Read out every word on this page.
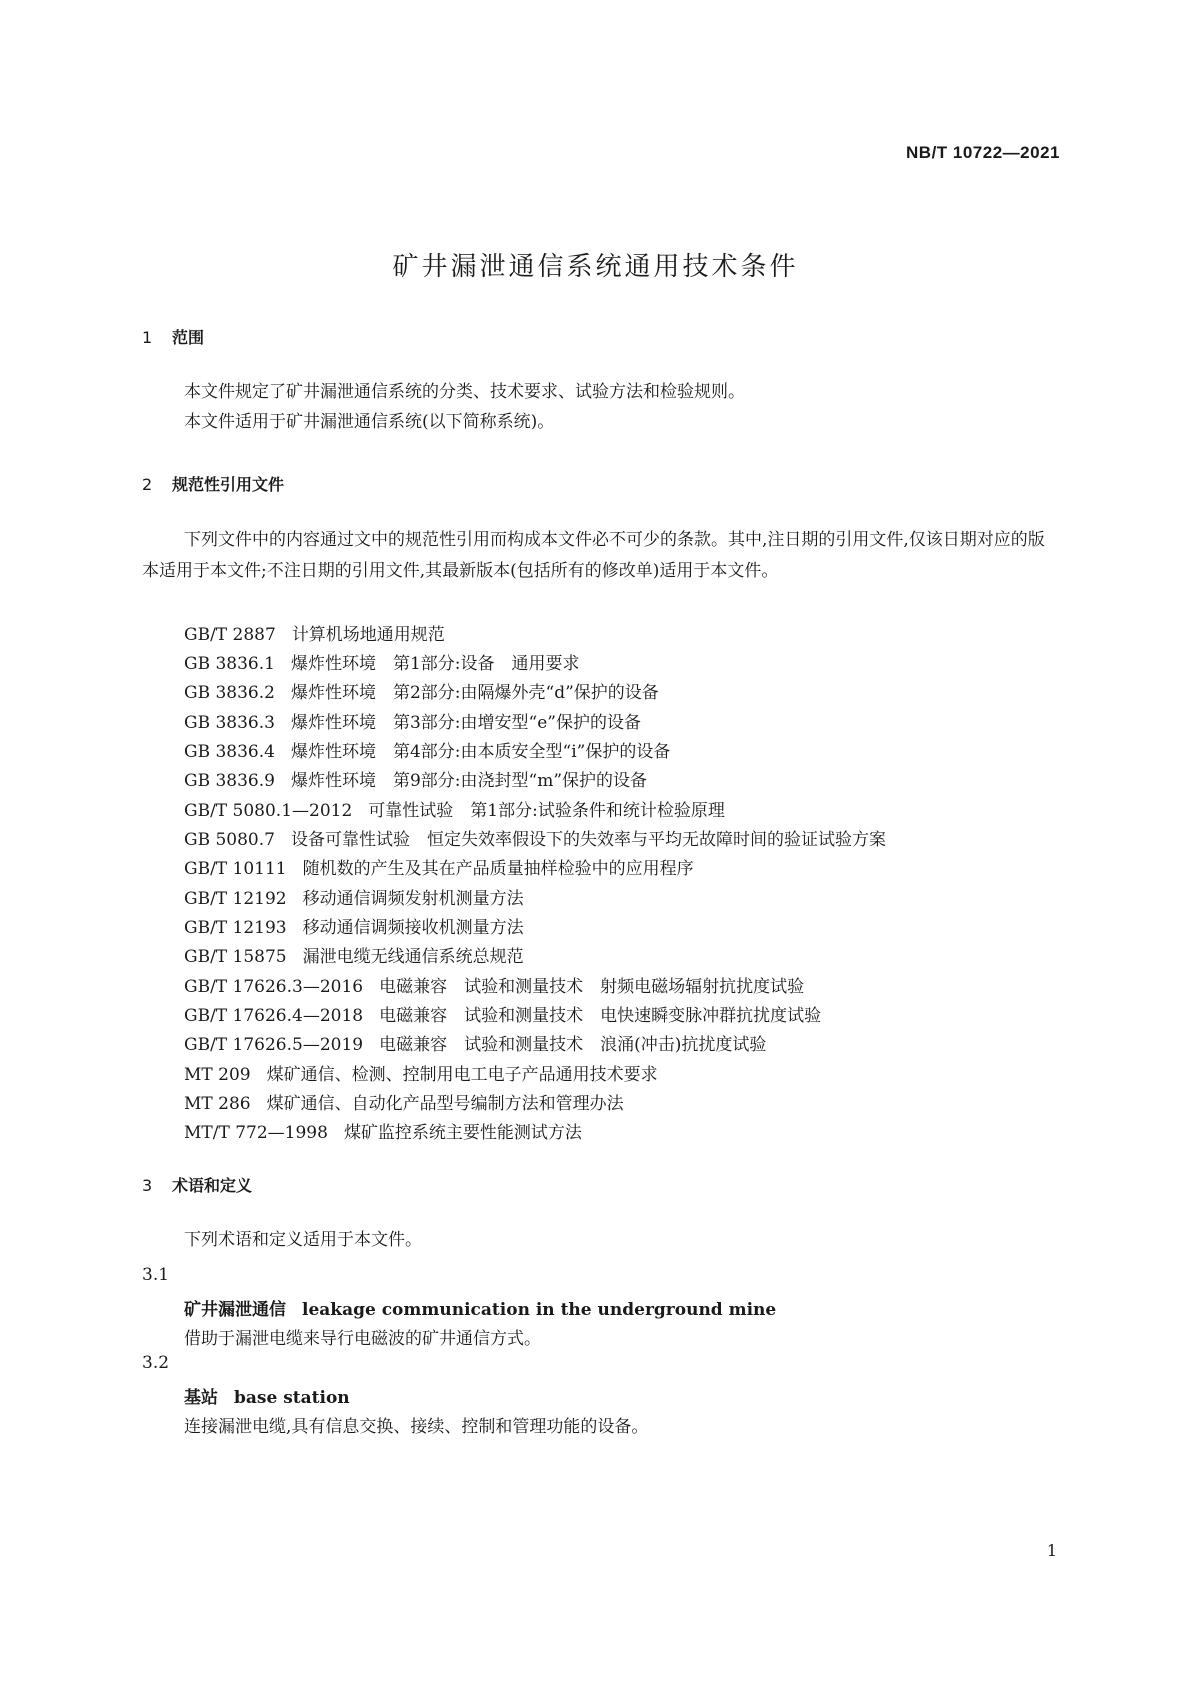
NB/T 10722—2021
矿井漏泄通信系统通用技术条件
1 范围
本文件规定了矿井漏泄通信系统的分类、技术要求、试验方法和检验规则。
本文件适用于矿井漏泄通信系统(以下简称系统)。
2 规范性引用文件
下列文件中的内容通过文中的规范性引用而构成本文件必不可少的条款。其中,注日期的引用文件,仅该日期对应的版本适用于本文件;不注日期的引用文件,其最新版本(包括所有的修改单)适用于本文件。
GB/T 2887 计算机场地通用规范
GB 3836.1 爆炸性环境　第1部分:设备　通用要求
GB 3836.2 爆炸性环境　第2部分:由隔爆外壳“d”保护的设备
GB 3836.3 爆炸性环境　第3部分:由增安型“e”保护的设备
GB 3836.4 爆炸性环境　第4部分:由本质安全型“i”保护的设备
GB 3836.9 爆炸性环境　第9部分:由浇封型“m”保护的设备
GB/T 5080.1—2012 可靠性试验　第1部分:试验条件和统计检验原理
GB 5080.7 设备可靠性试验　恒定失效率假设下的失效率与平均无故障时间的验证试验方案
GB/T 10111 随机数的产生及其在产品质量抽样检验中的应用程序
GB/T 12192 移动通信调频发射机测量方法
GB/T 12193 移动通信调频接收机测量方法
GB/T 15875 漏泄电缆无线通信系统总规范
GB/T 17626.3—2016 电磁兼容　试验和测量技术　射频电磁场辐射抗扰度试验
GB/T 17626.4—2018 电磁兼容　试验和测量技术　电快速瞬变脉冲群抗扰度试验
GB/T 17626.5—2019 电磁兼容　试验和测量技术　浪涌(冲击)抗扰度试验
MT 209 煤矿通信、检测、控制用电工电子产品通用技术要求
MT 286 煤矿通信、自动化产品型号编制方法和管理办法
MT/T 772—1998 煤矿监控系统主要性能测试方法
3 术语和定义
下列术语和定义适用于本文件。
3.1
矿井漏泄通信 leakage communication in the underground mine
借助于漏泄电缆来导行电磁波的矿井通信方式。
3.2
基站 base station
连接漏泄电缆,具有信息交换、接续、控制和管理功能的设备。
1
